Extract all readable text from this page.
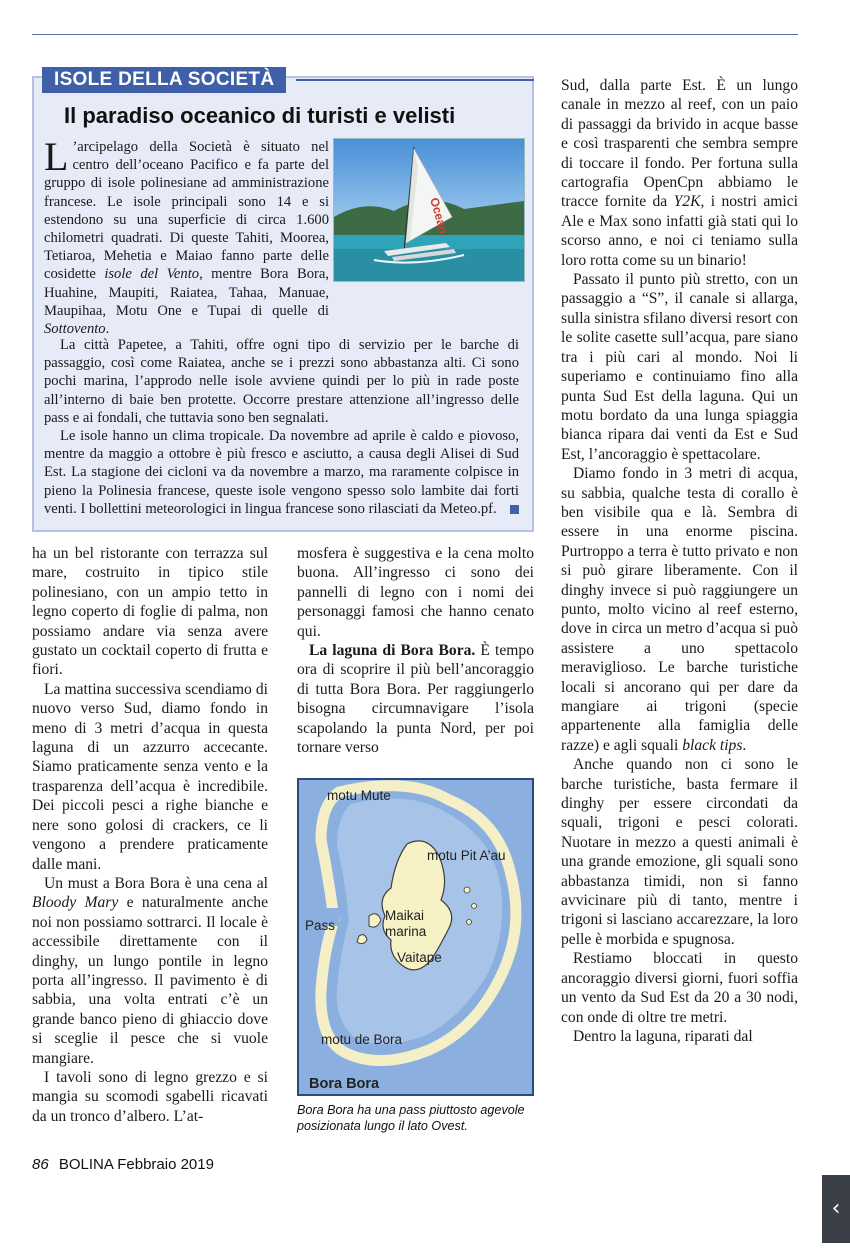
ISOLE DELLA SOCIETÀ
Il paradiso oceanico di turisti e velisti
Ocean

L ’arcipelago della Società è situato nel centro dell’oceano Pacifico e fa parte del gruppo di isole polinesiane ad amministrazione francese. Le isole principali sono 14 e si estendono su una superficie di circa 1.600 chilometri quadrati. Di queste Tahiti, Moorea, Tetiaroa, Mehetia e Maiao fanno parte delle cosidette isole del Vento, mentre Bora Bora, Huahine, Maupiti, Raiatea, Tahaa, Manuae, Maupihaa, Motu One e Tupai di quelle di Sottovento.

La città Papetee, a Tahiti, offre ogni tipo di servizio per le barche di passaggio, così come Raiatea, anche se i prezzi sono abbastanza alti. Ci sono pochi marina, l’approdo nelle isole avviene quindi per lo più in rade poste all’interno di baie ben protette. Occorre prestare attenzione all’ingresso delle pass e ai fondali, che tuttavia sono ben segnalati.

Le isole hanno un clima tropicale. Da novembre ad aprile è caldo e piovoso, mentre da maggio a ottobre è più fresco e asciutto, a causa degli Alisei di Sud Est. La stagione dei cicloni va da novembre a marzo, ma raramente colpisce in pieno la Polinesia francese, queste isole vengono spesso solo lambite dai forti venti. I bollettini meteorologici in lingua francese sono rilasciati da Meteo.pf.

ha un bel ristorante con terrazza sul mare, costruito in tipico stile polinesiano, con un ampio tetto in legno coperto di foglie di palma, non possiamo andare via senza avere gustato un cocktail coperto di frutta e fiori.

La mattina successiva scendiamo di nuovo verso Sud, diamo fondo in meno di 3 metri d’acqua in questa laguna di un azzurro accecante. Siamo praticamente senza vento e la trasparenza dell’acqua è incredibile. Dei piccoli pesci a righe bianche e nere sono golosi di crackers, ce li vengono a prendere praticamente dalle mani.

Un must a Bora Bora è una cena al Bloody Mary e naturalmente anche noi non possiamo sottrarci. Il locale è accessibile direttamente con il dinghy, un lungo pontile in legno porta all’ingresso. Il pavimento è di sabbia, una volta entrati c’è un grande banco pieno di ghiaccio dove si sceglie il pesce che si vuole mangiare.

I tavoli sono di legno grezzo e si mangia su scomodi sgabelli ricavati da un tronco d’albero. L’at-

mosfera è suggestiva e la cena molto buona. All’ingresso ci sono dei pannelli di legno con i nomi dei personaggi famosi che hanno cenato qui.

La laguna di Bora Bora. È tempo ora di scoprire il più bell’ancoraggio di tutta Bora Bora. Per raggiungerlo bisogna circumnavigare l’isola scapolando la punta Nord, per poi tornare verso

motu Mute
motu Pit A’au
Pass
Maikai
marina
Vaitape
motu de Bora
Bora Bora
Bora Bora ha una pass piuttosto agevole posizionata lungo il lato Ovest.

Sud, dalla parte Est. È un lungo canale in mezzo al reef, con un paio di passaggi da brivido in acque basse e così trasparenti che sembra sempre di toccare il fondo. Per fortuna sulla cartografia OpenCpn abbiamo le tracce fornite da Y2K, i nostri amici Ale e Max sono infatti già stati qui lo scorso anno, e noi ci teniamo sulla loro rotta come su un binario!

Passato il punto più stretto, con un passaggio a “S”, il canale si allarga, sulla sinistra sfilano diversi resort con le solite casette sull’acqua, pare siano tra i più cari al mondo. Noi li superiamo e continuiamo fino alla punta Sud Est della laguna. Qui un motu bordato da una lunga spiaggia bianca ripara dai venti da Est e Sud Est, l’ancoraggio è spettacolare.

Diamo fondo in 3 metri di acqua, su sabbia, qualche testa di corallo è ben visibile qua e là. Sembra di essere in una enorme piscina. Purtroppo a terra è tutto privato e non si può girare liberamente. Con il dinghy invece si può raggiungere un punto, molto vicino al reef esterno, dove in circa un metro d’acqua si può assistere a uno spettacolo meraviglioso. Le barche turistiche locali si ancorano qui per dare da mangiare ai trigoni (specie appartenente alla famiglia delle razze) e agli squali black tips.

Anche quando non ci sono le barche turistiche, basta fermare il dinghy per essere circondati da squali, trigoni e pesci colorati. Nuotare in mezzo a questi animali è una grande emozione, gli squali sono abbastanza timidi, non si fanno avvicinare più di tanto, mentre i trigoni si lasciano accarezzare, la loro pelle è morbida e spugnosa.

Restiamo bloccati in questo ancoraggio diversi giorni, fuori soffia un vento da Sud Est da 20 a 30 nodi, con onde di oltre tre metri.

Dentro la laguna, riparati dal

86 BOLINA Febbraio 2019
‹
